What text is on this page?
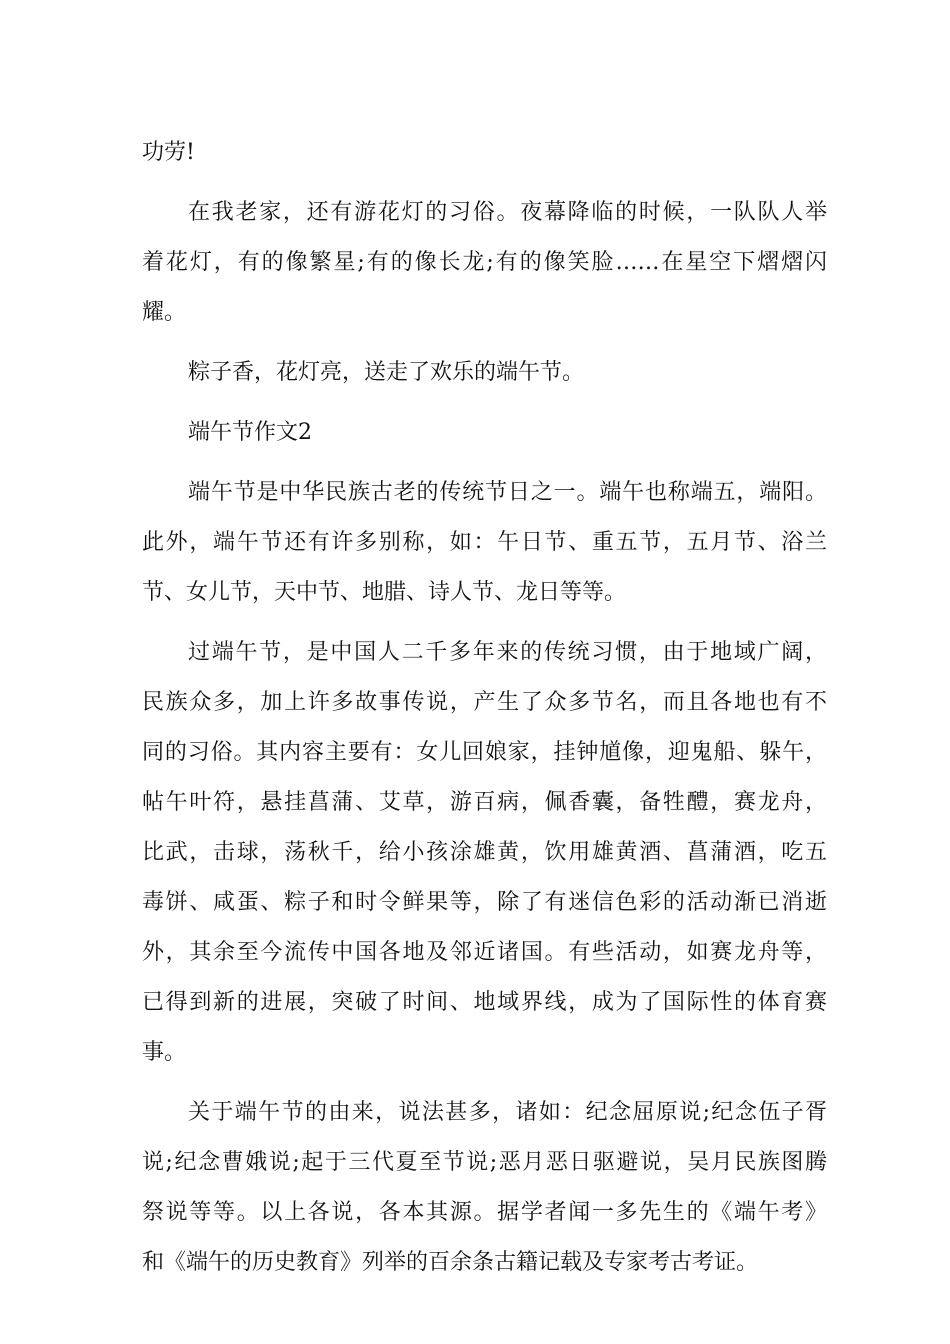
功劳!
在我老家，还有游花灯的习俗。夜幕降临的时候，一队队人举
着花灯，有的像繁星;有的像长龙;有的像笑脸……在星空下熠熠闪
耀。
粽子香，花灯亮，送走了欢乐的端午节。
端午节作文2
端午节是中华民族古老的传统节日之一。端午也称端五，端阳。
此外，端午节还有许多别称，如：午日节、重五节，五月节、浴兰
节、女儿节，天中节、地腊、诗人节、龙日等等。
过端午节，是中国人二千多年来的传统习惯，由于地域广阔，
民族众多，加上许多故事传说，产生了众多节名，而且各地也有不
同的习俗。其内容主要有：女儿回娘家，挂钟馗像，迎鬼船、躲午，
帖午叶符，悬挂菖蒲、艾草，游百病，佩香囊，备牲醴，赛龙舟，
比武，击球，荡秋千，给小孩涂雄黄，饮用雄黄酒、菖蒲酒，吃五
毒饼、咸蛋、粽子和时令鲜果等，除了有迷信色彩的活动渐已消逝
外，其余至今流传中国各地及邻近诸国。有些活动，如赛龙舟等，
已得到新的进展，突破了时间、地域界线，成为了国际性的体育赛
事。
关于端午节的由来，说法甚多，诸如：纪念屈原说;纪念伍子胥
说;纪念曹娥说;起于三代夏至节说;恶月恶日驱避说，吴月民族图腾
祭说等等。以上各说，各本其源。据学者闻一多先生的《端午考》
和《端午的历史教育》列举的百余条古籍记载及专家考古考证。
